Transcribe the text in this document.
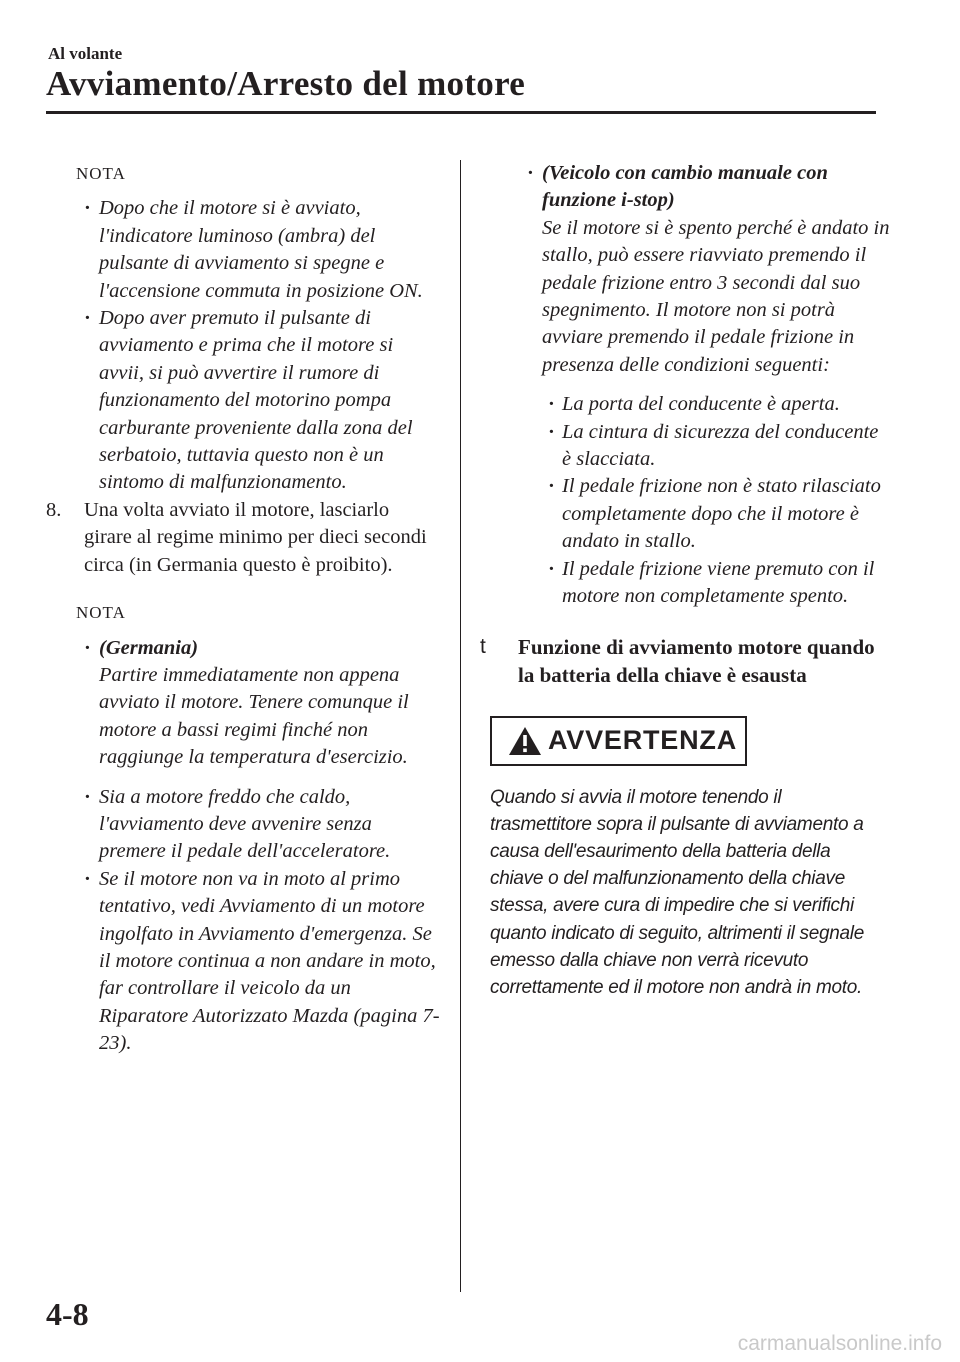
Al volante
Avviamento/Arresto del motore
NOTA
· Dopo che il motore si è avviato, l'indicatore luminoso (ambra) del pulsante di avviamento si spegne e l'accensione commuta in posizione ON.
· Dopo aver premuto il pulsante di avviamento e prima che il motore si avvii, si può avvertire il rumore di funzionamento del motorino pompa carburante proveniente dalla zona del serbatoio, tuttavia questo non è un sintomo di malfunzionamento.
8. Una volta avviato il motore, lasciarlo girare al regime minimo per dieci secondi circa (in Germania questo è proibito).
NOTA
· (Germania)
Partire immediatamente non appena avviato il motore. Tenere comunque il motore a bassi regimi finché non raggiunge la temperatura d'esercizio.
· Sia a motore freddo che caldo, l'avviamento deve avvenire senza premere il pedale dell'acceleratore.
· Se il motore non va in moto al primo tentativo, vedi Avviamento di un motore ingolfato in Avviamento d'emergenza. Se il motore continua a non andare in moto, far controllare il veicolo da un Riparatore Autorizzato Mazda (pagina 7-23).
· (Veicolo con cambio manuale con funzione i-stop)
Se il motore si è spento perché è andato in stallo, può essere riavviato premendo il pedale frizione entro 3 secondi dal suo spegnimento. Il motore non si potrà avviare premendo il pedale frizione in presenza delle condizioni seguenti:
· La porta del conducente è aperta.
· La cintura di sicurezza del conducente è slacciata.
· Il pedale frizione non è stato rilasciato completamente dopo che il motore è andato in stallo.
· Il pedale frizione viene premuto con il motore non completamente spento.
t Funzione di avviamento motore quando la batteria della chiave è esausta
AVVERTENZA
Quando si avvia il motore tenendo il trasmettitore sopra il pulsante di avviamento a causa dell'esaurimento della batteria della chiave o del malfunzionamento della chiave stessa, avere cura di impedire che si verifichi quanto indicato di seguito, altrimenti il segnale emesso dalla chiave non verrà ricevuto correttamente ed il motore non andrà in moto.
4-8
carmanualsonline.info
